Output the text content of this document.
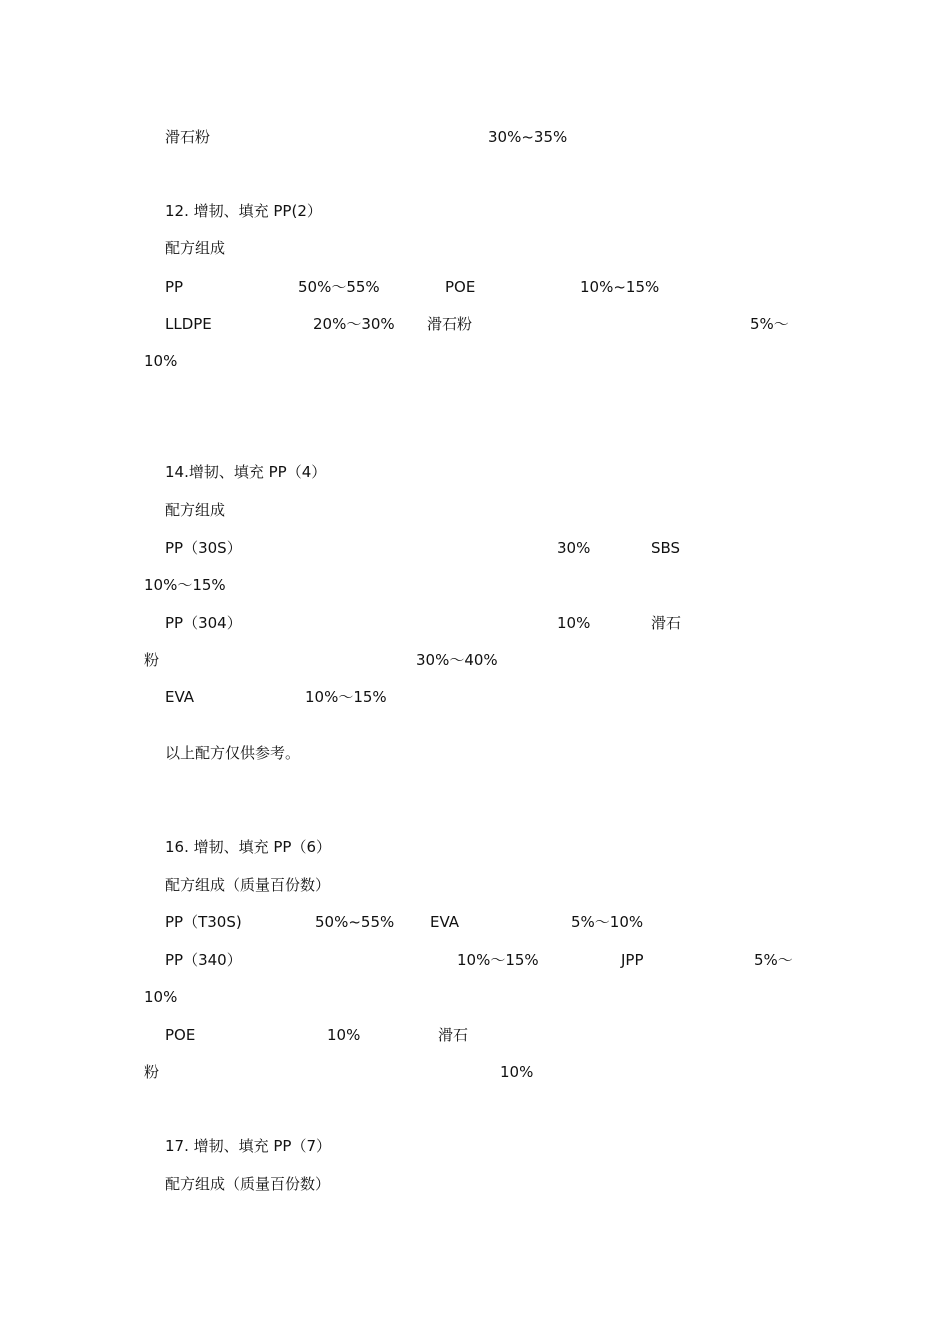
滑石粉	30%~35%
12. 增韧、填充 PP(2）
配方组成
PP	50%～55%	POE	10%~15%
LLDPE	20%～30% 滑石粉	5%～
10%
14.增韧、填充 PP（4）
配方组成
PP（30S）	30%	SBS
10%～15%
PP（304）	10%	滑石
粉	30%～40%
EVA	10%～15%
以上配方仅供参考。
16. 增韧、填充 PP（6）
配方组成（质量百份数）
PP（T30S)	50%~55% EVA	5%～10%
PP（340）	10%～15%	JPP	5%～
10%
POE	10%	滑石
粉	10%
17. 增韧、填充 PP（7）
配方组成（质量百份数）
